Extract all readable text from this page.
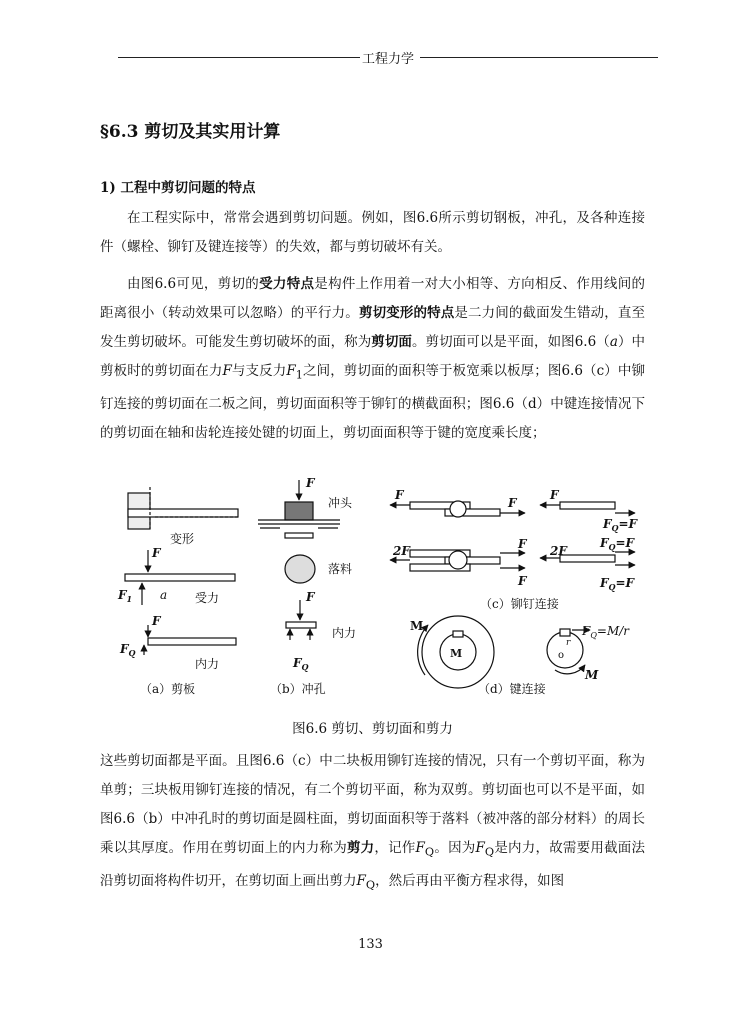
工程力学
§6.3 剪切及其实用计算
1) 工程中剪切问题的特点
在工程实际中，常常会遇到剪切问题。例如，图6.6所示剪切钢板，冲孔，及各种连接件（螺栓、铆钉及键连接等）的失效，都与剪切破坏有关。
由图6.6可见，剪切的受力特点是构件上作用着一对大小相等、方向相反、作用线间的距离很小（转动效果可以忽略）的平行力。剪切变形的特点是二力间的截面发生错动，直至发生剪切破坏。可能发生剪切破坏的面，称为剪切面。剪切面可以是平面，如图6.6（a）中剪板时的剪切面在力F与支反力$F_1$之间，剪切面的面积等于板宽乘以板厚；图6.6（c）中铆钉连接的剪切面在二板之间，剪切面面积等于铆钉的横截面积；图6.6（d）中键连接情况下的剪切面在轴和齿轮连接处键的切面上，剪切面面积等于键的宽度乘长度；
变形
F
$F_1$ a 受力
F
$F_Q$
内力
（a）剪板
F
冲头
落料
F
内力
$F_Q$
（b）冲孔
F
F
F
$F_Q=F$
2F	F
F
2F
$F_Q=F$
$F_Q=F$
（c）铆钉连接
M
M	o
r
$F_Q=M/r$
M
（d）键连接
图6.6 剪切、剪切面和剪力
这些剪切面都是平面。且图6.6（c）中二块板用铆钉连接的情况，只有一个剪切平面，称为单剪；三块板用铆钉连接的情况，有二个剪切平面，称为双剪。剪切面也可以不是平面，如图6.6（b）中冲孔时的剪切面是圆柱面，剪切面面积等于落料（被冲落的部分材料）的周长乘以其厚度。作用在剪切面上的内力称为剪力，记作$F_Q$。因为$F_Q$是内力，故需要用截面法沿剪切面将构件切开，在剪切面上画出剪力$F_Q$，然后再由平衡方程求得，如图
133
